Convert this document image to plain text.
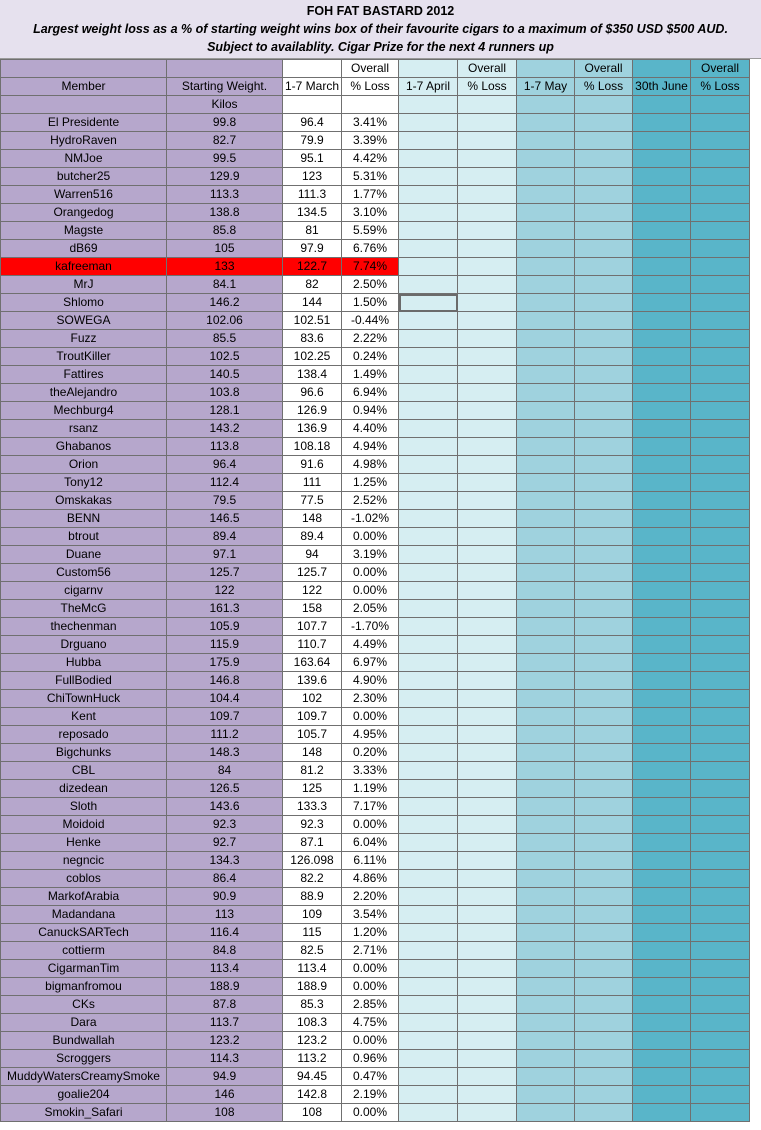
FOH FAT BASTARD 2012
Largest weight loss as a % of starting weight wins box of their favourite cigars to a maximum of $350 USD $500 AUD.
Subject to availablity. Cigar Prize for the next 4 runners up
			Overall		Overall		Overall		Overall
Member	Starting Weight.	1-7 March	% Loss	1-7 April	% Loss	1-7 May	% Loss	30th June	% Loss
	Kilos								
El Presidente	99.8	96.4	3.41%						
HydroRaven	82.7	79.9	3.39%						
NMJoe	99.5	95.1	4.42%						
butcher25	129.9	123	5.31%						
Warren516	113.3	111.3	1.77%						
Orangedog	138.8	134.5	3.10%						
Magste	85.8	81	5.59%						
dB69	105	97.9	6.76%						
kafreeman	133	122.7	7.74%						
MrJ	84.1	82	2.50%						
Shlomo	146.2	144	1.50%						
SOWEGA	102.06	102.51	-0.44%						
Fuzz	85.5	83.6	2.22%						
TroutKiller	102.5	102.25	0.24%						
Fattires	140.5	138.4	1.49%						
theAlejandro	103.8	96.6	6.94%						
Mechburg4	128.1	126.9	0.94%						
rsanz	143.2	136.9	4.40%						
Ghabanos	113.8	108.18	4.94%						
Orion	96.4	91.6	4.98%						
Tony12	112.4	111	1.25%						
Omskakas	79.5	77.5	2.52%						
BENN	146.5	148	-1.02%						
btrout	89.4	89.4	0.00%						
Duane	97.1	94	3.19%						
Custom56	125.7	125.7	0.00%						
cigarnv	122	122	0.00%						
TheMcG	161.3	158	2.05%						
thechenman	105.9	107.7	-1.70%						
Drguano	115.9	110.7	4.49%						
Hubba	175.9	163.64	6.97%						
FullBodied	146.8	139.6	4.90%						
ChiTownHuck	104.4	102	2.30%						
Kent	109.7	109.7	0.00%						
reposado	111.2	105.7	4.95%						
Bigchunks	148.3	148	0.20%						
CBL	84	81.2	3.33%						
dizedean	126.5	125	1.19%						
Sloth	143.6	133.3	7.17%						
Moidoid	92.3	92.3	0.00%						
Henke	92.7	87.1	6.04%						
negncic	134.3	126.098	6.11%						
coblos	86.4	82.2	4.86%						
MarkofArabia	90.9	88.9	2.20%						
Madandana	113	109	3.54%						
CanuckSARTech	116.4	115	1.20%						
cottierm	84.8	82.5	2.71%						
CigarmanTim	113.4	113.4	0.00%						
bigmanfromou	188.9	188.9	0.00%						
CKs	87.8	85.3	2.85%						
Dara	113.7	108.3	4.75%						
Bundwallah	123.2	123.2	0.00%						
Scroggers	114.3	113.2	0.96%						
MuddyWatersCreamySmoke	94.9	94.45	0.47%						
goalie204	146	142.8	2.19%						
Smokin_Safari	108	108	0.00%						
